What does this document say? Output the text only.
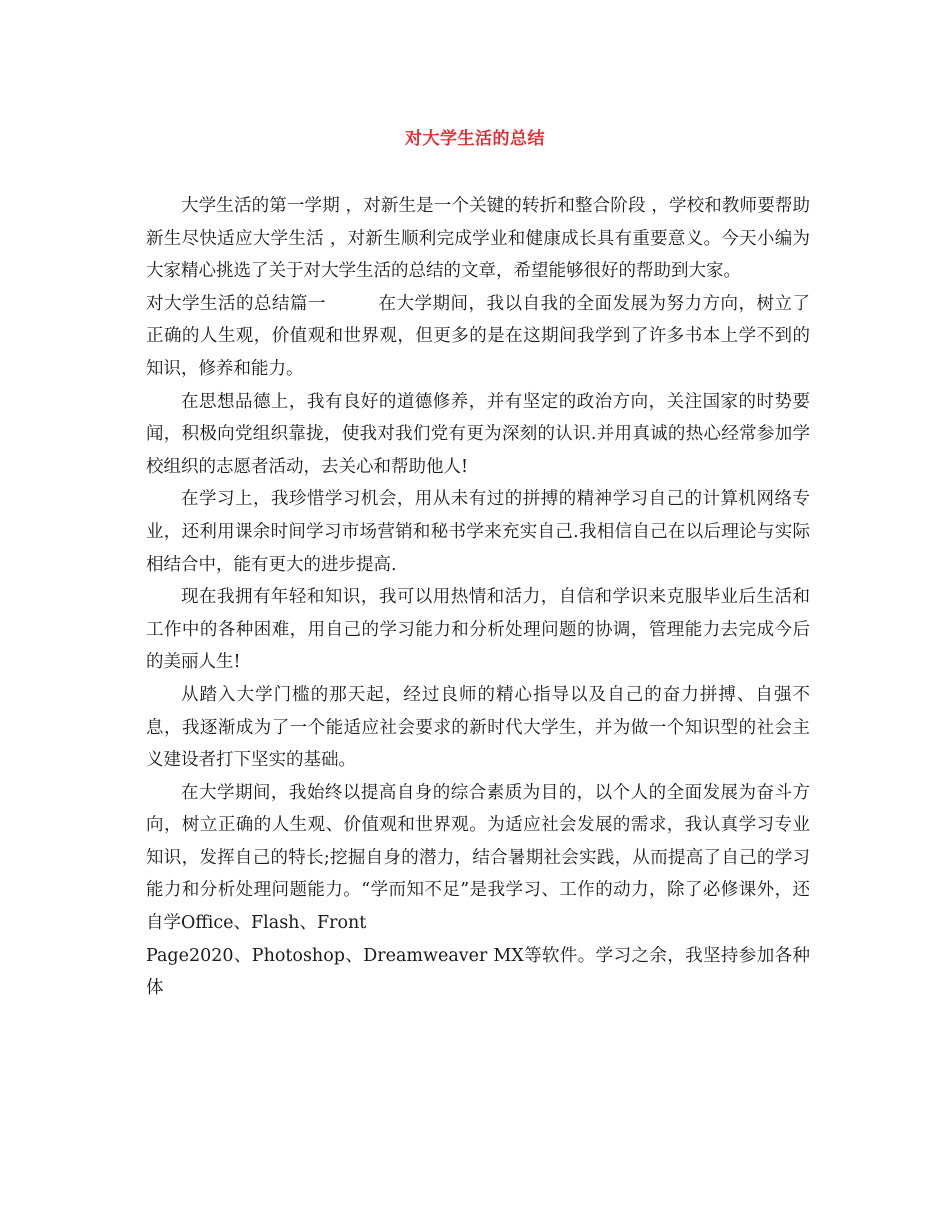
对大学生活的总结

大学生活的第一学期 ，对新生是一个关键的转折和整合阶段 ，学校和教师要帮助新生尽快适应大学生活 ，对新生顺利完成学业和健康成长具有重要意义。今天小编为大家精心挑选了关于对大学生活的总结的文章，希望能够很好的帮助到大家。

对大学生活的总结篇一	在大学期间，我以自我的全面发展为努力方向，树立了正确的人生观，价值观和世界观，但更多的是在这期间我学到了许多书本上学不到的知识，修养和能力。

在思想品德上，我有良好的道德修养，并有坚定的政治方向，关注国家的时势要闻，积极向党组织靠拢，使我对我们党有更为深刻的认识.并用真诚的热心经常参加学校组织的志愿者活动，去关心和帮助他人!

在学习上，我珍惜学习机会，用从未有过的拼搏的精神学习自己的计算机网络专业，还利用课余时间学习市场营销和秘书学来充实自己.我相信自己在以后理论与实际相结合中，能有更大的进步提高.

现在我拥有年轻和知识，我可以用热情和活力，自信和学识来克服毕业后生活和工作中的各种困难，用自己的学习能力和分析处理问题的协调，管理能力去完成今后的美丽人生!

从踏入大学门槛的那天起，经过良师的精心指导以及自己的奋力拼搏、自强不息，我逐渐成为了一个能适应社会要求的新时代大学生，并为做一个知识型的社会主义建设者打下坚实的基础。

在大学期间，我始终以提高自身的综合素质为目的，以个人的全面发展为奋斗方向，树立正确的人生观、价值观和世界观。为适应社会发展的需求，我认真学习专业知识，发挥自己的特长;挖掘自身的潜力，结合暑期社会实践，从而提高了自己的学习能力和分析处理问题能力。“学而知不足”是我学习、工作的动力，除了必修课外，还自学Office、Flash、Front

Page2020、Photoshop、Dreamweaver MX等软件。学习之余，我坚持参加各种体
